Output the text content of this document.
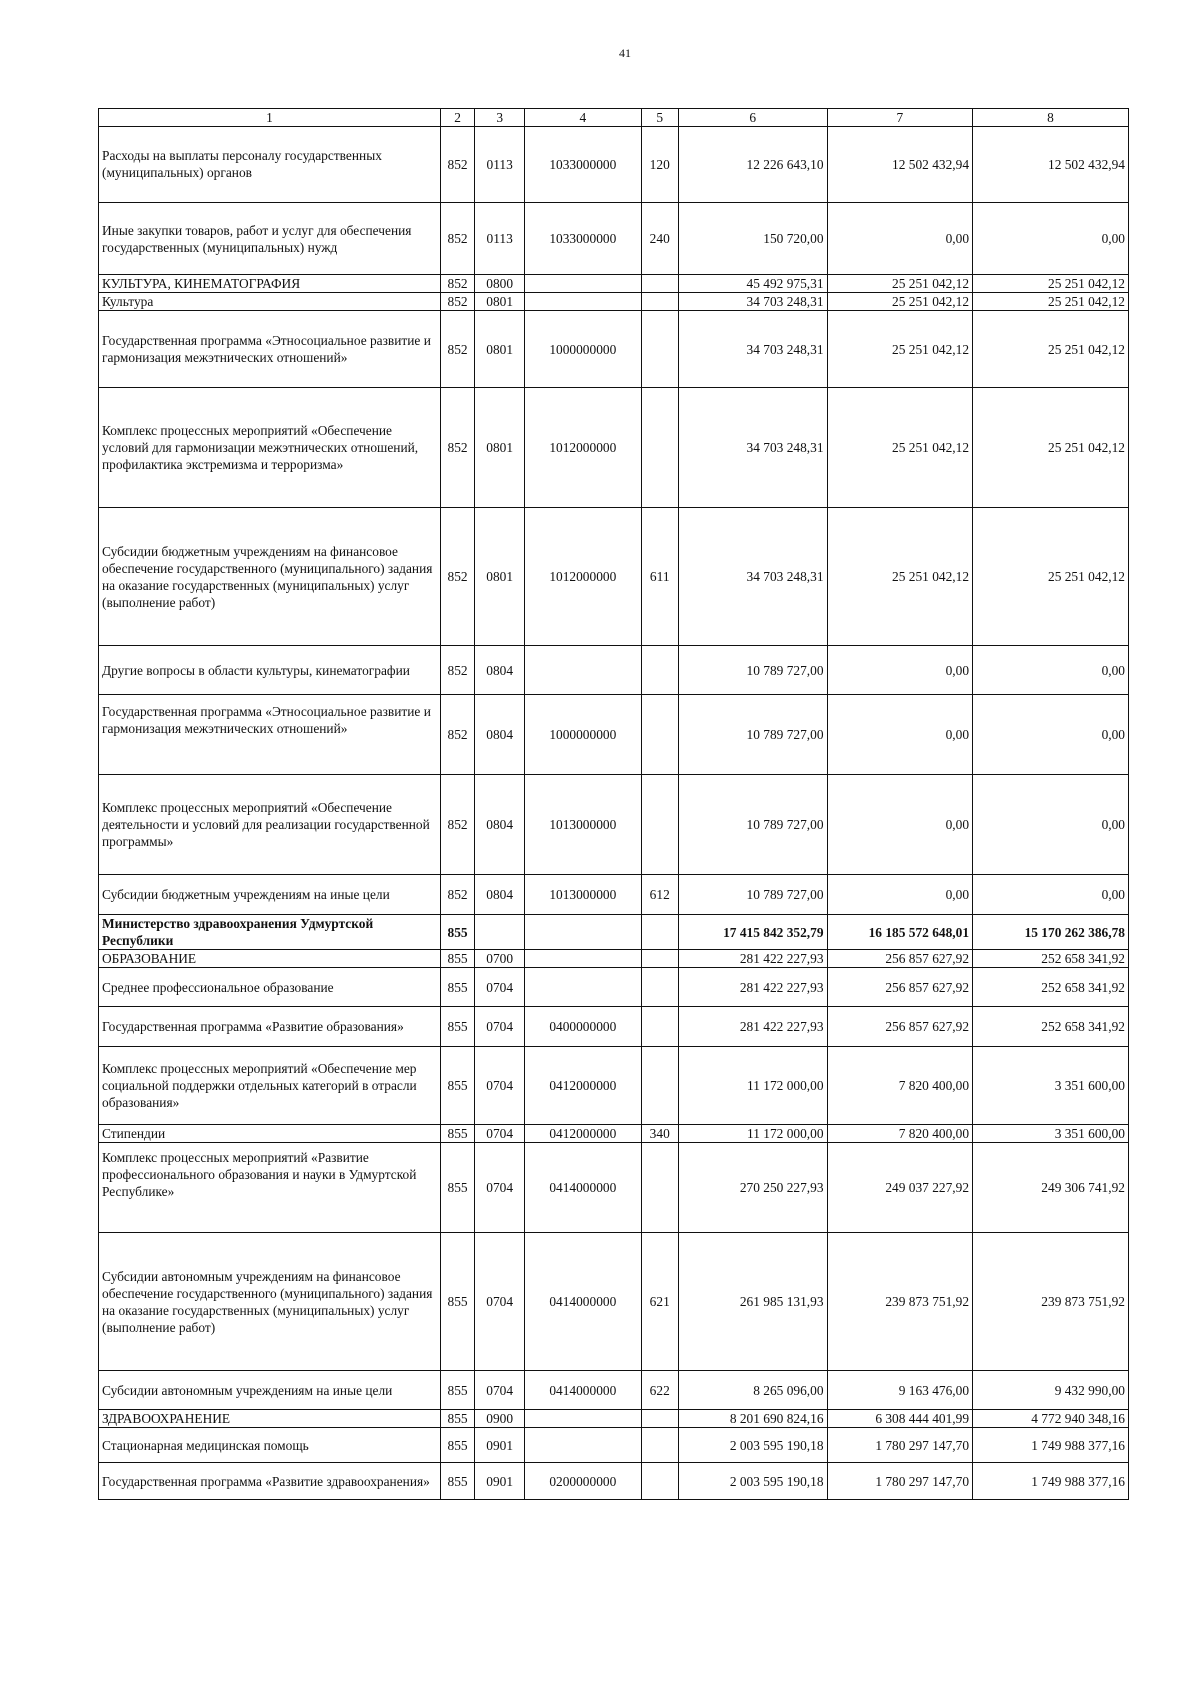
41
1	2	3	4	5	6	7	8
Расходы на выплаты персоналу государственных (муниципальных) органов	852	0113	1033000000	120	12 226 643,10	12 502 432,94	12 502 432,94
Иные закупки товаров, работ и услуг для обеспечения государственных (муниципальных) нужд	852	0113	1033000000	240	150 720,00	0,00	0,00
КУЛЬТУРА, КИНЕМАТОГРАФИЯ	852	0800			45 492 975,31	25 251 042,12	25 251 042,12
Культура	852	0801			34 703 248,31	25 251 042,12	25 251 042,12
Государственная программа «Этносоциальное развитие и гармонизация межэтнических отношений»	852	0801	1000000000		34 703 248,31	25 251 042,12	25 251 042,12
Комплекс процессных мероприятий «Обеспечение условий для гармонизации межэтнических отношений, профилактика экстремизма и терроризма»	852	0801	1012000000		34 703 248,31	25 251 042,12	25 251 042,12
Субсидии бюджетным учреждениям на финансовое обеспечение государственного (муниципального) задания на оказание государственных (муниципальных) услуг (выполнение работ)	852	0801	1012000000	611	34 703 248,31	25 251 042,12	25 251 042,12
Другие вопросы в области культуры, кинематографии	852	0804			10 789 727,00	0,00	0,00
Государственная программа «Этносоциальное развитие и гармонизация межэтнических отношений»	852	0804	1000000000		10 789 727,00	0,00	0,00
Комплекс процессных мероприятий «Обеспечение деятельности и условий для реализации государственной программы»	852	0804	1013000000		10 789 727,00	0,00	0,00
Субсидии бюджетным учреждениям на иные цели	852	0804	1013000000	612	10 789 727,00	0,00	0,00
Министерство здравоохранения Удмуртской Республики	855				17 415 842 352,79	16 185 572 648,01	15 170 262 386,78
ОБРАЗОВАНИЕ	855	0700			281 422 227,93	256 857 627,92	252 658 341,92
Среднее профессиональное образование	855	0704			281 422 227,93	256 857 627,92	252 658 341,92
Государственная программа «Развитие образования»	855	0704	0400000000		281 422 227,93	256 857 627,92	252 658 341,92
Комплекс процессных мероприятий «Обеспечение мер социальной поддержки отдельных категорий в отрасли образования»	855	0704	0412000000		11 172 000,00	7 820 400,00	3 351 600,00
Стипендии	855	0704	0412000000	340	11 172 000,00	7 820 400,00	3 351 600,00
Комплекс процессных мероприятий «Развитие профессионального образования и науки в Удмуртской Республике»	855	0704	0414000000		270 250 227,93	249 037 227,92	249 306 741,92
Субсидии автономным учреждениям на финансовое обеспечение государственного (муниципального) задания на оказание государственных (муниципальных) услуг (выполнение работ)	855	0704	0414000000	621	261 985 131,93	239 873 751,92	239 873 751,92
Субсидии автономным учреждениям на иные цели	855	0704	0414000000	622	8 265 096,00	9 163 476,00	9 432 990,00
ЗДРАВООХРАНЕНИЕ	855	0900			8 201 690 824,16	6 308 444 401,99	4 772 940 348,16
Стационарная медицинская помощь	855	0901			2 003 595 190,18	1 780 297 147,70	1 749 988 377,16
Государственная программа «Развитие здравоохранения»	855	0901	0200000000		2 003 595 190,18	1 780 297 147,70	1 749 988 377,16
